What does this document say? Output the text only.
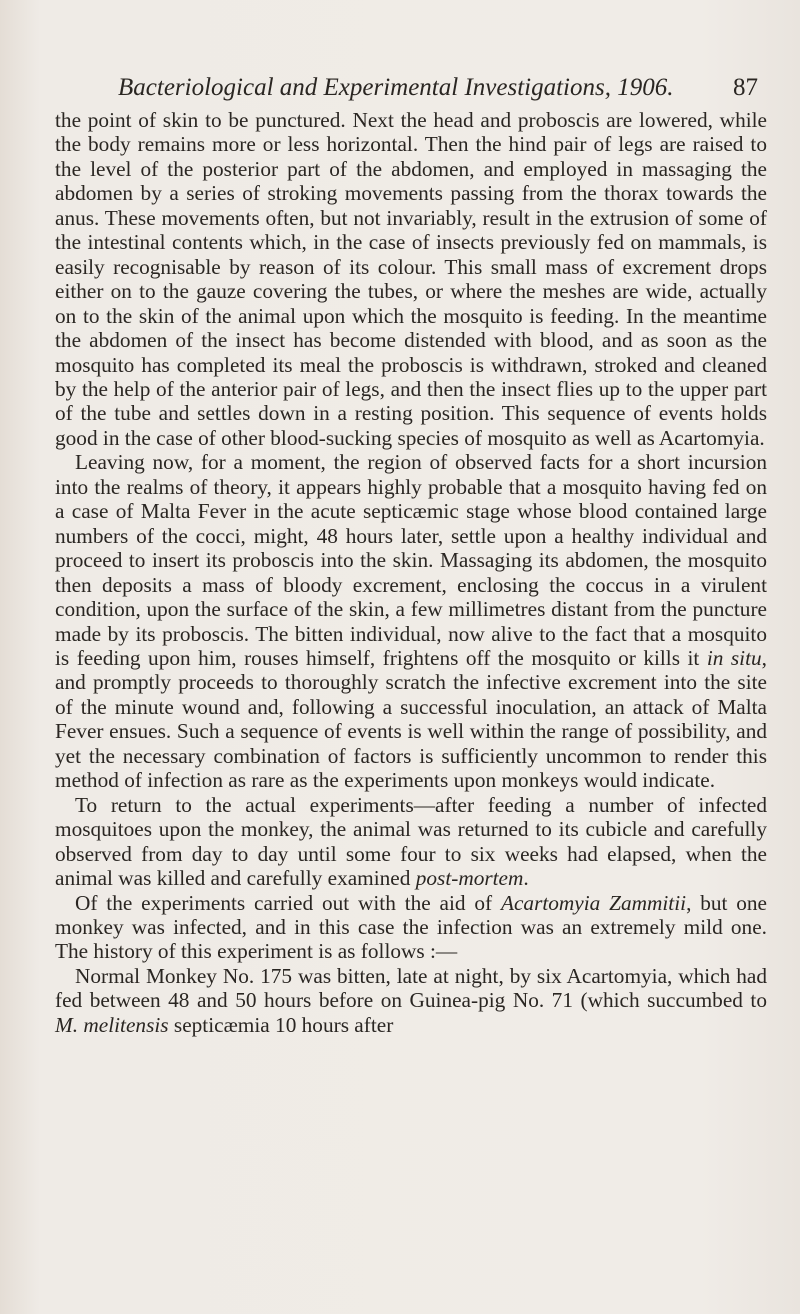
Bacteriological and Experimental Investigations, 1906. 87

the point of skin to be punctured. Next the head and proboscis are lowered, while the body remains more or less horizontal. Then the hind pair of legs are raised to the level of the posterior part of the abdomen, and employed in massaging the abdomen by a series of stroking movements passing from the thorax towards the anus. These movements often, but not invariably, result in the extrusion of some of the intestinal contents which, in the case of insects previously fed on mammals, is easily recognisable by reason of its colour. This small mass of excrement drops either on to the gauze covering the tubes, or where the meshes are wide, actually on to the skin of the animal upon which the mosquito is feeding. In the meantime the abdomen of the insect has become distended with blood, and as soon as the mosquito has completed its meal the proboscis is withdrawn, stroked and cleaned by the help of the anterior pair of legs, and then the insect flies up to the upper part of the tube and settles down in a resting position. This sequence of events holds good in the case of other blood-sucking species of mosquito as well as Acartomyia.

Leaving now, for a moment, the region of observed facts for a short incursion into the realms of theory, it appears highly probable that a mosquito having fed on a case of Malta Fever in the acute septicæmic stage whose blood contained large numbers of the cocci, might, 48 hours later, settle upon a healthy individual and proceed to insert its proboscis into the skin. Massaging its abdomen, the mosquito then deposits a mass of bloody excrement, enclosing the coccus in a virulent condition, upon the surface of the skin, a few millimetres distant from the puncture made by its proboscis. The bitten individual, now alive to the fact that a mosquito is feeding upon him, rouses himself, frightens off the mosquito or kills it in situ, and promptly proceeds to thoroughly scratch the infective excrement into the site of the minute wound and, following a successful inoculation, an attack of Malta Fever ensues. Such a sequence of events is well within the range of possibility, and yet the necessary combination of factors is sufficiently uncommon to render this method of infection as rare as the experiments upon monkeys would indicate.

To return to the actual experiments—after feeding a number of infected mosquitoes upon the monkey, the animal was returned to its cubicle and carefully observed from day to day until some four to six weeks had elapsed, when the animal was killed and carefully examined post-mortem.

Of the experiments carried out with the aid of Acartomyia Zammitii, but one monkey was infected, and in this case the infection was an extremely mild one. The history of this experiment is as follows :—

Normal Monkey No. 175 was bitten, late at night, by six Acartomyia, which had fed between 48 and 50 hours before on Guinea-pig No. 71 (which succumbed to M. melitensis septicæmia 10 hours after
